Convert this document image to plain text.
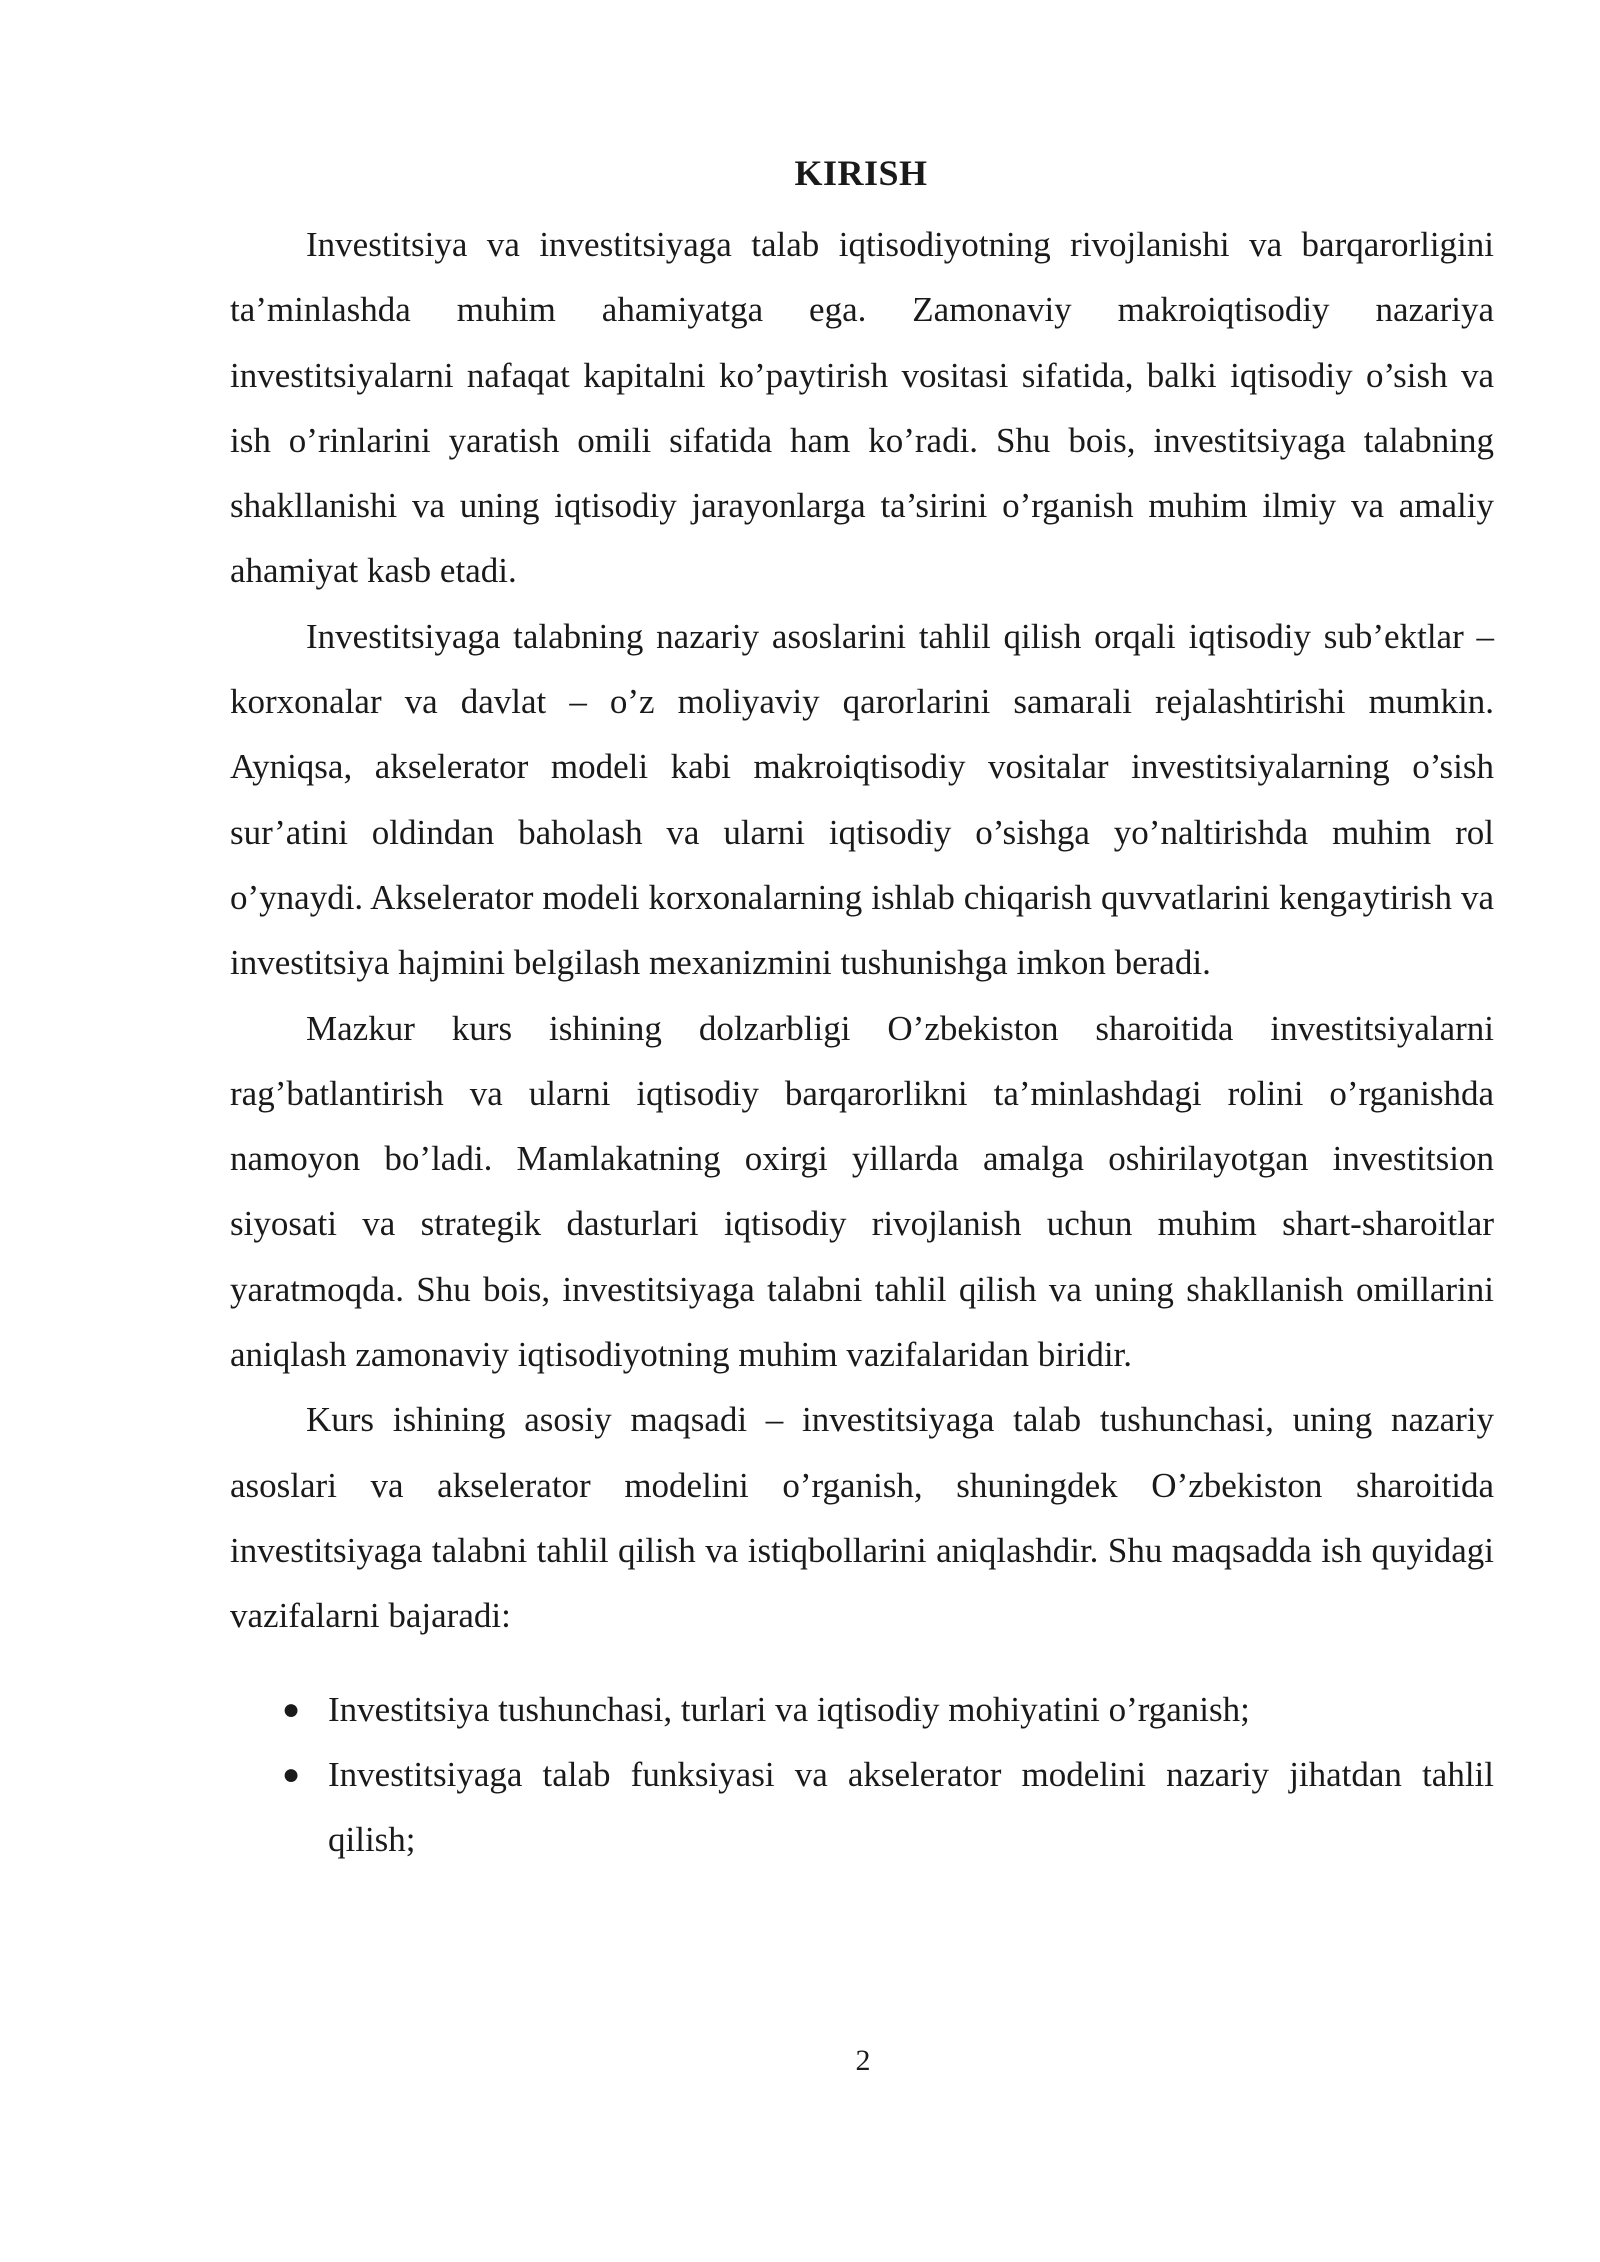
KIRISH

Investitsiya va investitsiyaga talab iqtisodiyotning rivojlanishi va barqarorligini ta’minlashda muhim ahamiyatga ega. Zamonaviy makroiqtisodiy nazariya investitsiyalarni nafaqat kapitalni ko’paytirish vositasi sifatida, balki iqtisodiy o’sish va ish o’rinlarini yaratish omili sifatida ham ko’radi. Shu bois, investitsiyaga talabning shakllanishi va uning iqtisodiy jarayonlarga ta’sirini o’rganish muhim ilmiy va amaliy ahamiyat kasb etadi.

Investitsiyaga talabning nazariy asoslarini tahlil qilish orqali iqtisodiy sub’ektlar – korxonalar va davlat – o’z moliyaviy qarorlarini samarali rejalashtirishi mumkin. Ayniqsa, akselerator modeli kabi makroiqtisodiy vositalar investitsiyalarning o’sish sur’atini oldindan baholash va ularni iqtisodiy o’sishga yo’naltirishda muhim rol o’ynaydi. Akselerator modeli korxonalarning ishlab chiqarish quvvatlarini kengaytirish va investitsiya hajmini belgilash mexanizmini tushunishga imkon beradi.

Mazkur kurs ishining dolzarbligi O’zbekiston sharoitida investitsiyalarni rag’batlantirish va ularni iqtisodiy barqarorlikni ta’minlashdagi rolini o’rganishda namoyon bo’ladi. Mamlakatning oxirgi yillarda amalga oshirilayotgan investitsion siyosati va strategik dasturlari iqtisodiy rivojlanish uchun muhim shart-sharoitlar yaratmoqda. Shu bois, investitsiyaga talabni tahlil qilish va uning shakllanish omillarini aniqlash zamonaviy iqtisodiyotning muhim vazifalaridan biridir.

Kurs ishining asosiy maqsadi – investitsiyaga talab tushunchasi, uning nazariy asoslari va akselerator modelini o’rganish, shuningdek O’zbekiston sharoitida investitsiyaga talabni tahlil qilish va istiqbollarini aniqlashdir. Shu maqsadda ish quyidagi vazifalarni bajaradi:

● Investitsiya tushunchasi, turlari va iqtisodiy mohiyatini o’rganish;
● Investitsiyaga talab funksiyasi va akselerator modelini nazariy jihatdan tahlil qilish;
2
